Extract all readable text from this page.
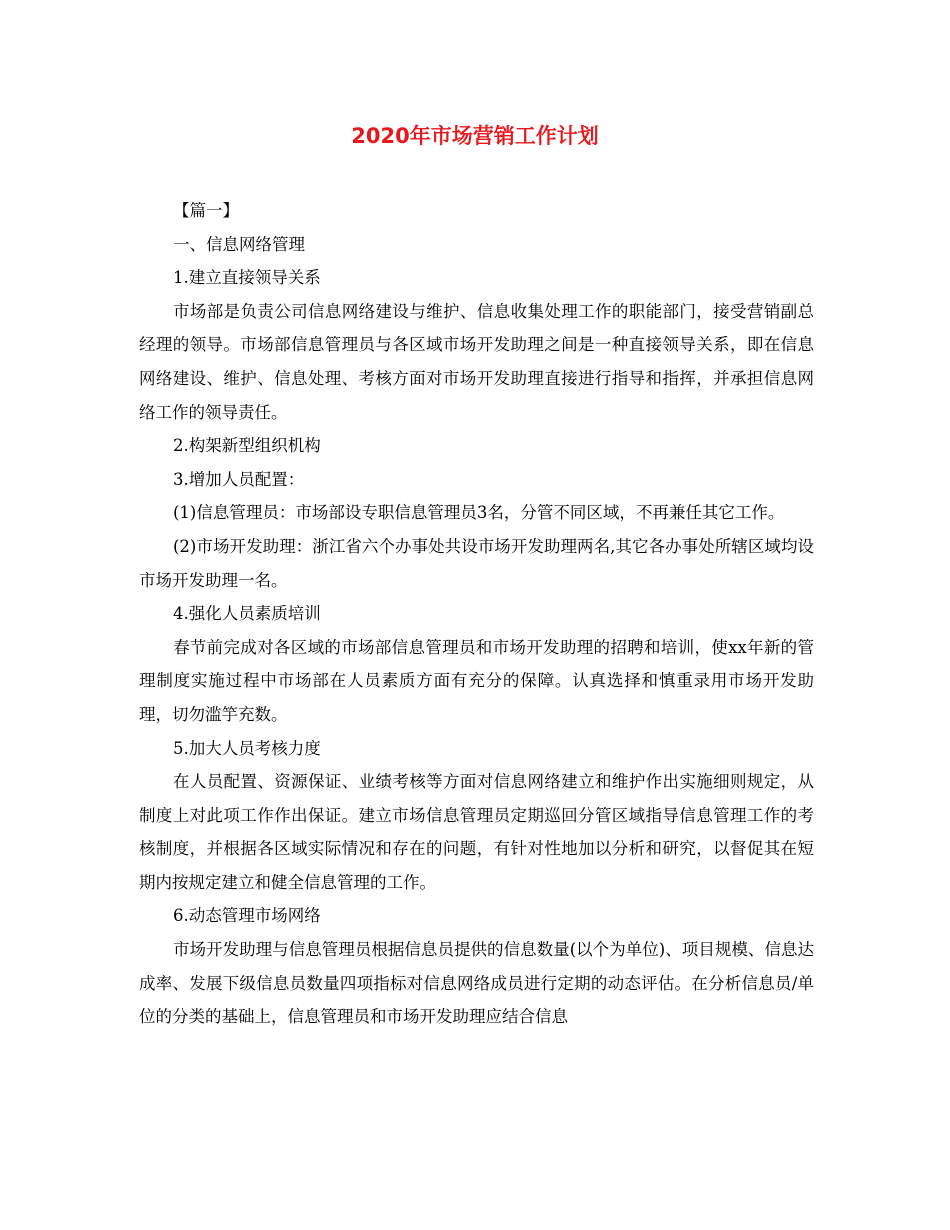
2020年市场营销工作计划

【篇一】

一、信息网络管理

1.建立直接领导关系

市场部是负责公司信息网络建设与维护、信息收集处理工作的职能部门，接受营销副总经理的领导。市场部信息管理员与各区域市场开发助理之间是一种直接领导关系，即在信息网络建设、维护、信息处理、考核方面对市场开发助理直接进行指导和指挥，并承担信息网络工作的领导责任。

2.构架新型组织机构

3.增加人员配置：

(1)信息管理员：市场部设专职信息管理员3名，分管不同区域，不再兼任其它工作。

(2)市场开发助理：浙江省六个办事处共设市场开发助理两名,其它各办事处所辖区域均设市场开发助理一名。

4.强化人员素质培训

春节前完成对各区域的市场部信息管理员和市场开发助理的招聘和培训，使xx年新的管理制度实施过程中市场部在人员素质方面有充分的保障。认真选择和慎重录用市场开发助理，切勿滥竽充数。

5.加大人员考核力度

在人员配置、资源保证、业绩考核等方面对信息网络建立和维护作出实施细则规定，从制度上对此项工作作出保证。建立市场信息管理员定期巡回分管区域指导信息管理工作的考核制度，并根据各区域实际情况和存在的问题，有针对性地加以分析和研究，以督促其在短期内按规定建立和健全信息管理的工作。

6.动态管理市场网络

市场开发助理与信息管理员根据信息员提供的信息数量(以个为单位)、项目规模、信息达成率、发展下级信息员数量四项指标对信息网络成员进行定期的动态评估。在分析信息员/单位的分类的基础上，信息管理员和市场开发助理应结合信息
